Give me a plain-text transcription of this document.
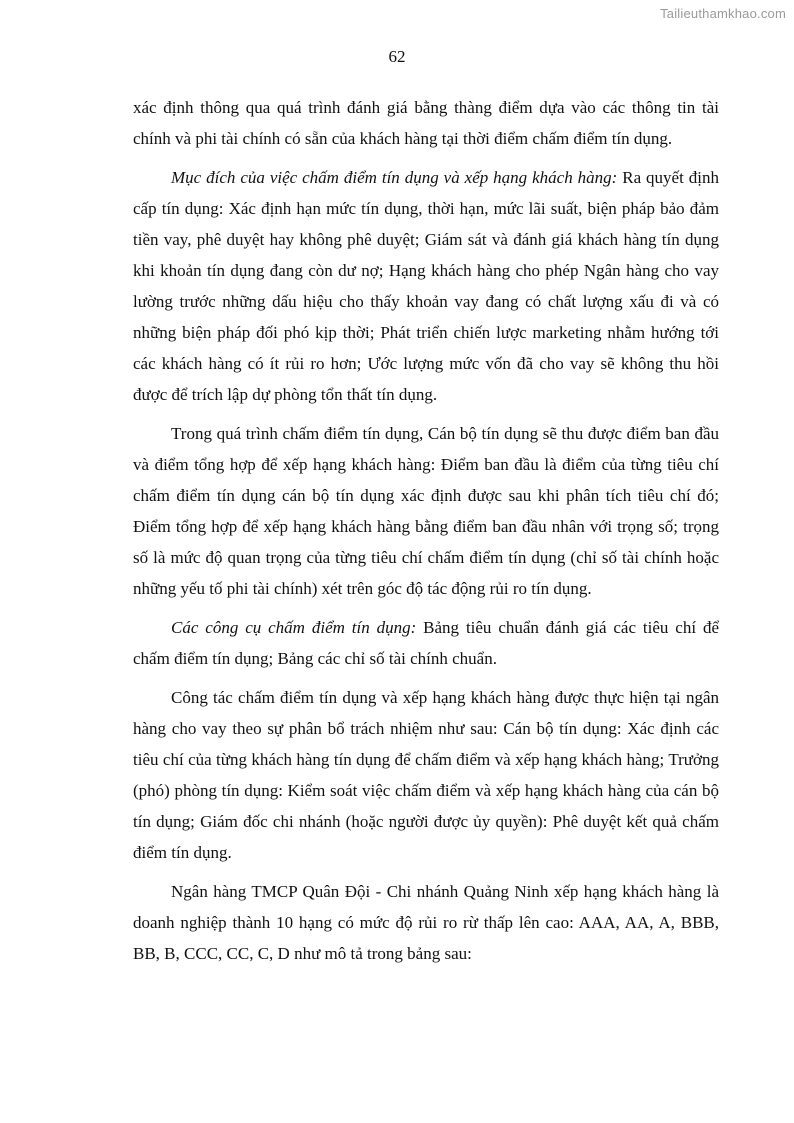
Tailieuthamkhao.com
62

xác định thông qua quá trình đánh giá bằng thàng điểm dựa vào các thông tin tài chính và phi tài chính có sẵn của khách hàng tại thời điểm chấm điểm tín dụng.

Mục đích của việc chấm điểm tín dụng và xếp hạng khách hàng: Ra quyết định cấp tín dụng: Xác định hạn mức tín dụng, thời hạn, mức lãi suất, biện pháp bảo đảm tiền vay, phê duyệt hay không phê duyệt; Giám sát và đánh giá khách hàng tín dụng khi khoản tín dụng đang còn dư nợ; Hạng khách hàng cho phép Ngân hàng cho vay lường trước những dấu hiệu cho thấy khoản vay đang có chất lượng xấu đi và có những biện pháp đối phó kịp thời; Phát triển chiến lược marketing nhằm hướng tới các khách hàng có ít rủi ro hơn; Ước lượng mức vốn đã cho vay sẽ không thu hồi được để trích lập dự phòng tổn thất tín dụng.

Trong quá trình chấm điểm tín dụng, Cán bộ tín dụng sẽ thu được điểm ban đầu và điểm tổng hợp để xếp hạng khách hàng: Điểm ban đầu là điểm của từng tiêu chí chấm điểm tín dụng cán bộ tín dụng xác định được sau khi phân tích tiêu chí đó; Điểm tổng hợp để xếp hạng khách hàng bằng điểm ban đầu nhân với trọng số; trọng số là mức độ quan trọng của từng tiêu chí chấm điểm tín dụng (chỉ số tài chính hoặc những yếu tố phi tài chính) xét trên góc độ tác động rủi ro tín dụng.

Các công cụ chấm điểm tín dụng: Bảng tiêu chuẩn đánh giá các tiêu chí để chấm điểm tín dụng; Bảng các chỉ số tài chính chuẩn.

Công tác chấm điểm tín dụng và xếp hạng khách hàng được thực hiện tại ngân hàng cho vay theo sự phân bổ trách nhiệm như sau: Cán bộ tín dụng: Xác định các tiêu chí của từng khách hàng tín dụng để chấm điểm và xếp hạng khách hàng; Trưởng (phó) phòng tín dụng: Kiểm soát việc chấm điểm và xếp hạng khách hàng của cán bộ tín dụng; Giám đốc chi nhánh (hoặc người được ủy quyền): Phê duyệt kết quả chấm điểm tín dụng.

Ngân hàng TMCP Quân Đội - Chi nhánh Quảng Ninh xếp hạng khách hàng là doanh nghiệp thành 10 hạng có mức độ rủi ro rừ thấp lên cao: AAA, AA, A, BBB, BB, B, CCC, CC, C, D như mô tả trong bảng sau:
